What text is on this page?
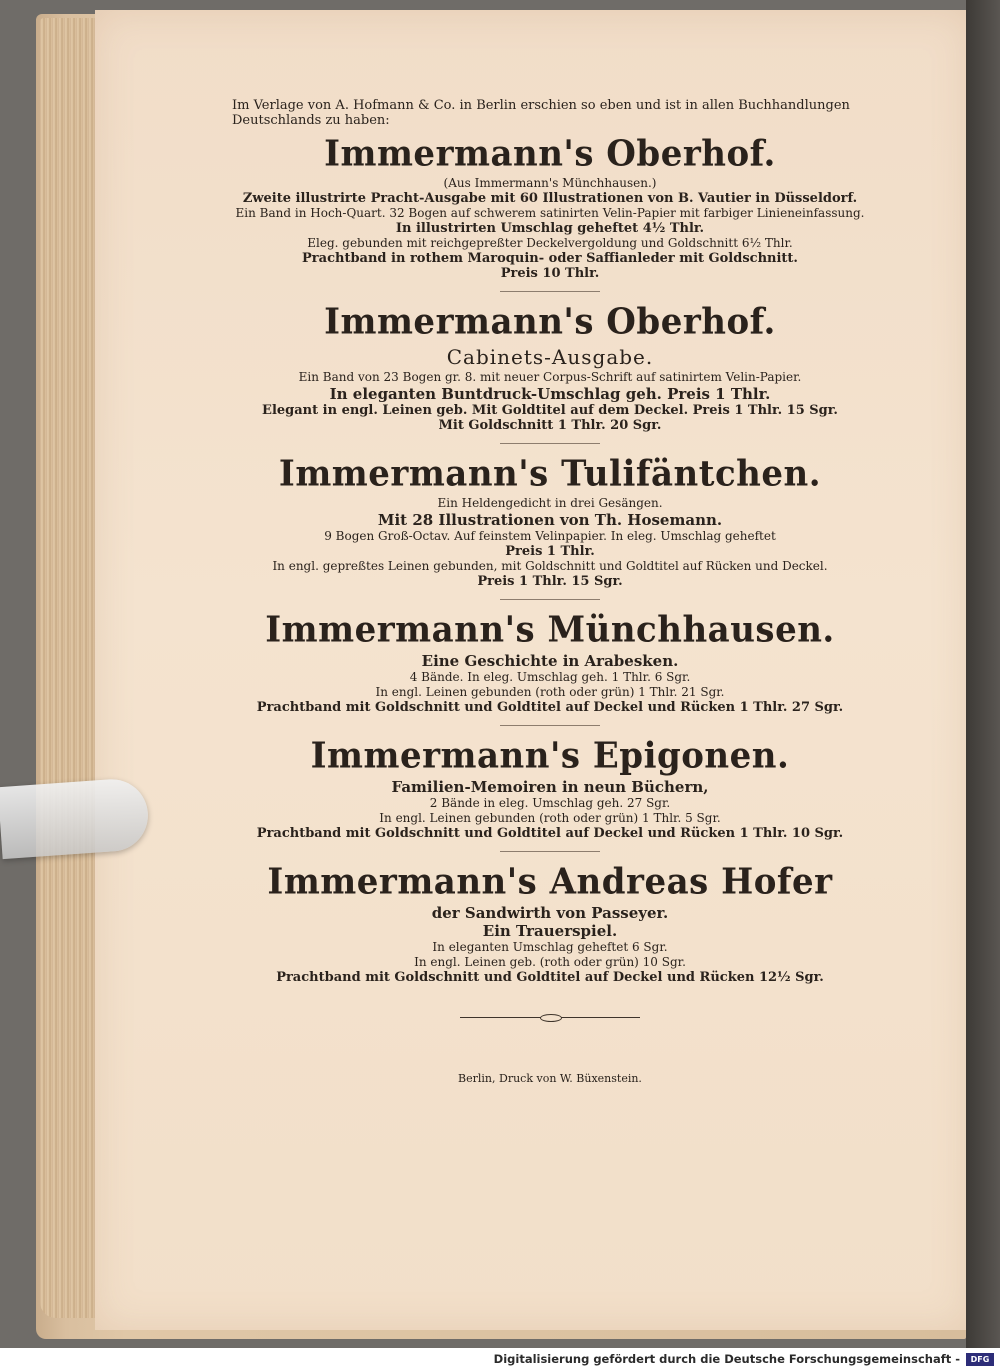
Im Verlage von A. Hofmann & Co. in Berlin erschien so eben und ist in allen Buchhandlungen Deutschlands zu haben:

Immermann's Oberhof.

(Aus Immermann's Münchhausen.)

Zweite illustrirte Pracht-Ausgabe mit 60 Illustrationen von B. Vautier in Düsseldorf.

Ein Band in Hoch-Quart. 32 Bogen auf schwerem satinirten Velin-Papier mit farbiger Linieneinfassung.

In illustrirten Umschlag geheftet 4½ Thlr.

Eleg. gebunden mit reichgepreßter Deckelvergoldung und Goldschnitt 6½ Thlr.

Prachtband in rothem Maroquin- oder Saffianleder mit Goldschnitt.

Preis 10 Thlr.

Immermann's Oberhof.

Cabinets-Ausgabe.

Ein Band von 23 Bogen gr. 8. mit neuer Corpus-Schrift auf satinirtem Velin-Papier.

In eleganten Buntdruck-Umschlag geh. Preis 1 Thlr.

Elegant in engl. Leinen geb. Mit Goldtitel auf dem Deckel. Preis 1 Thlr. 15 Sgr.

Mit Goldschnitt 1 Thlr. 20 Sgr.

Immermann's Tulifäntchen.

Ein Heldengedicht in drei Gesängen.

Mit 28 Illustrationen von Th. Hosemann.

9 Bogen Groß-Octav. Auf feinstem Velinpapier. In eleg. Umschlag geheftet

Preis 1 Thlr.

In engl. gepreßtes Leinen gebunden, mit Goldschnitt und Goldtitel auf Rücken und Deckel.

Preis 1 Thlr. 15 Sgr.

Immermann's Münchhausen.

Eine Geschichte in Arabesken.

4 Bände. In eleg. Umschlag geh. 1 Thlr. 6 Sgr.

In engl. Leinen gebunden (roth oder grün) 1 Thlr. 21 Sgr.

Prachtband mit Goldschnitt und Goldtitel auf Deckel und Rücken 1 Thlr. 27 Sgr.

Immermann's Epigonen.

Familien-Memoiren in neun Büchern,

2 Bände in eleg. Umschlag geh. 27 Sgr.

In engl. Leinen gebunden (roth oder grün) 1 Thlr. 5 Sgr.

Prachtband mit Goldschnitt und Goldtitel auf Deckel und Rücken 1 Thlr. 10 Sgr.

Immermann's Andreas Hofer

der Sandwirth von Passeyer.

Ein Trauerspiel.

In eleganten Umschlag geheftet 6 Sgr.

In engl. Leinen geb. (roth oder grün) 10 Sgr.

Prachtband mit Goldschnitt und Goldtitel auf Deckel und Rücken 12½ Sgr.

Berlin, Druck von W. Büxenstein.

Digitalisierung gefördert durch die Deutsche Forschungsgemeinschaft -	DFG
